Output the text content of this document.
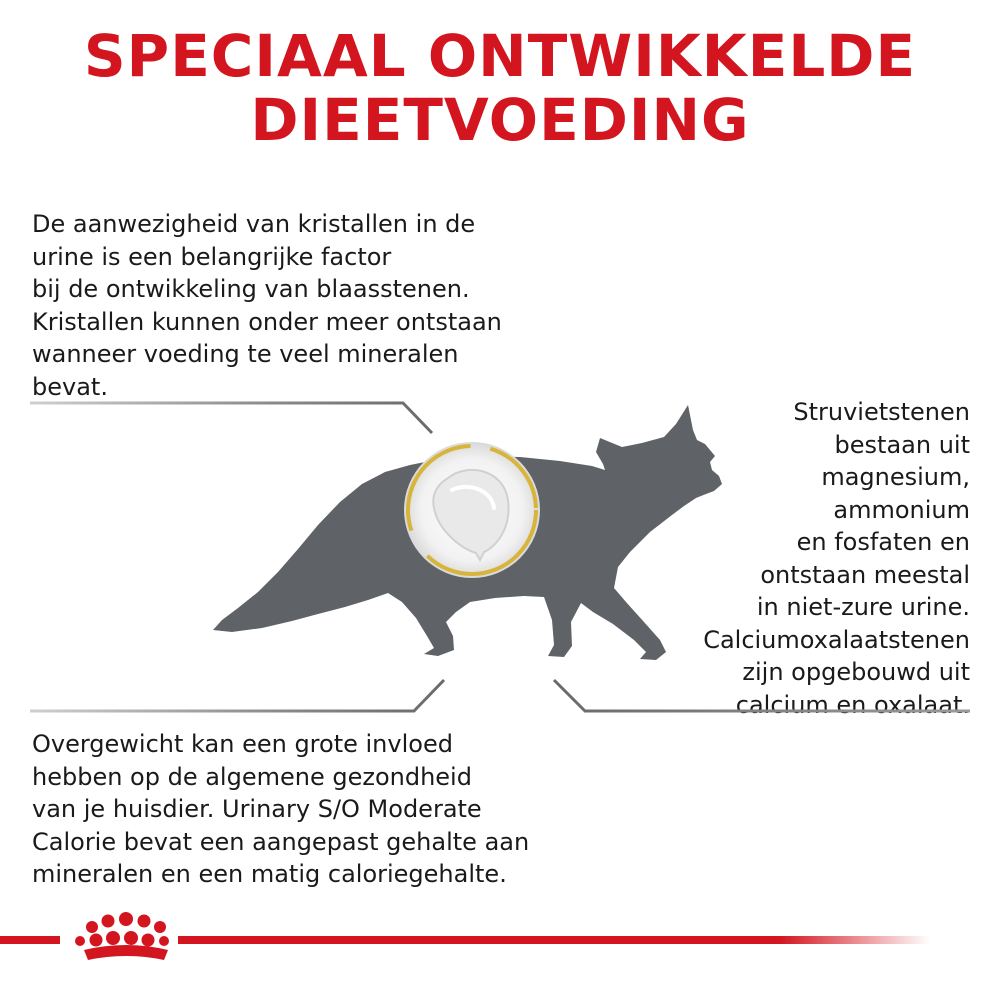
SPECIAAL ONTWIKKELDE
DIEETVOEDING

De aanwezigheid van kristallen in de
urine is een belangrijke factor
bij de ontwikkeling van blaasstenen.
Kristallen kunnen onder meer ontstaan
wanneer voeding te veel mineralen
bevat.

Struvietstenen
bestaan uit
magnesium,
ammonium
en fosfaten en
ontstaan meestal
in niet-zure urine.
Calciumoxalaatstenen
zijn opgebouwd uit
calcium en oxalaat.

Overgewicht kan een grote invloed
hebben op de algemene gezondheid
van je huisdier. Urinary S/O Moderate
Calorie bevat een aangepast gehalte aan
mineralen en een matig caloriegehalte.
